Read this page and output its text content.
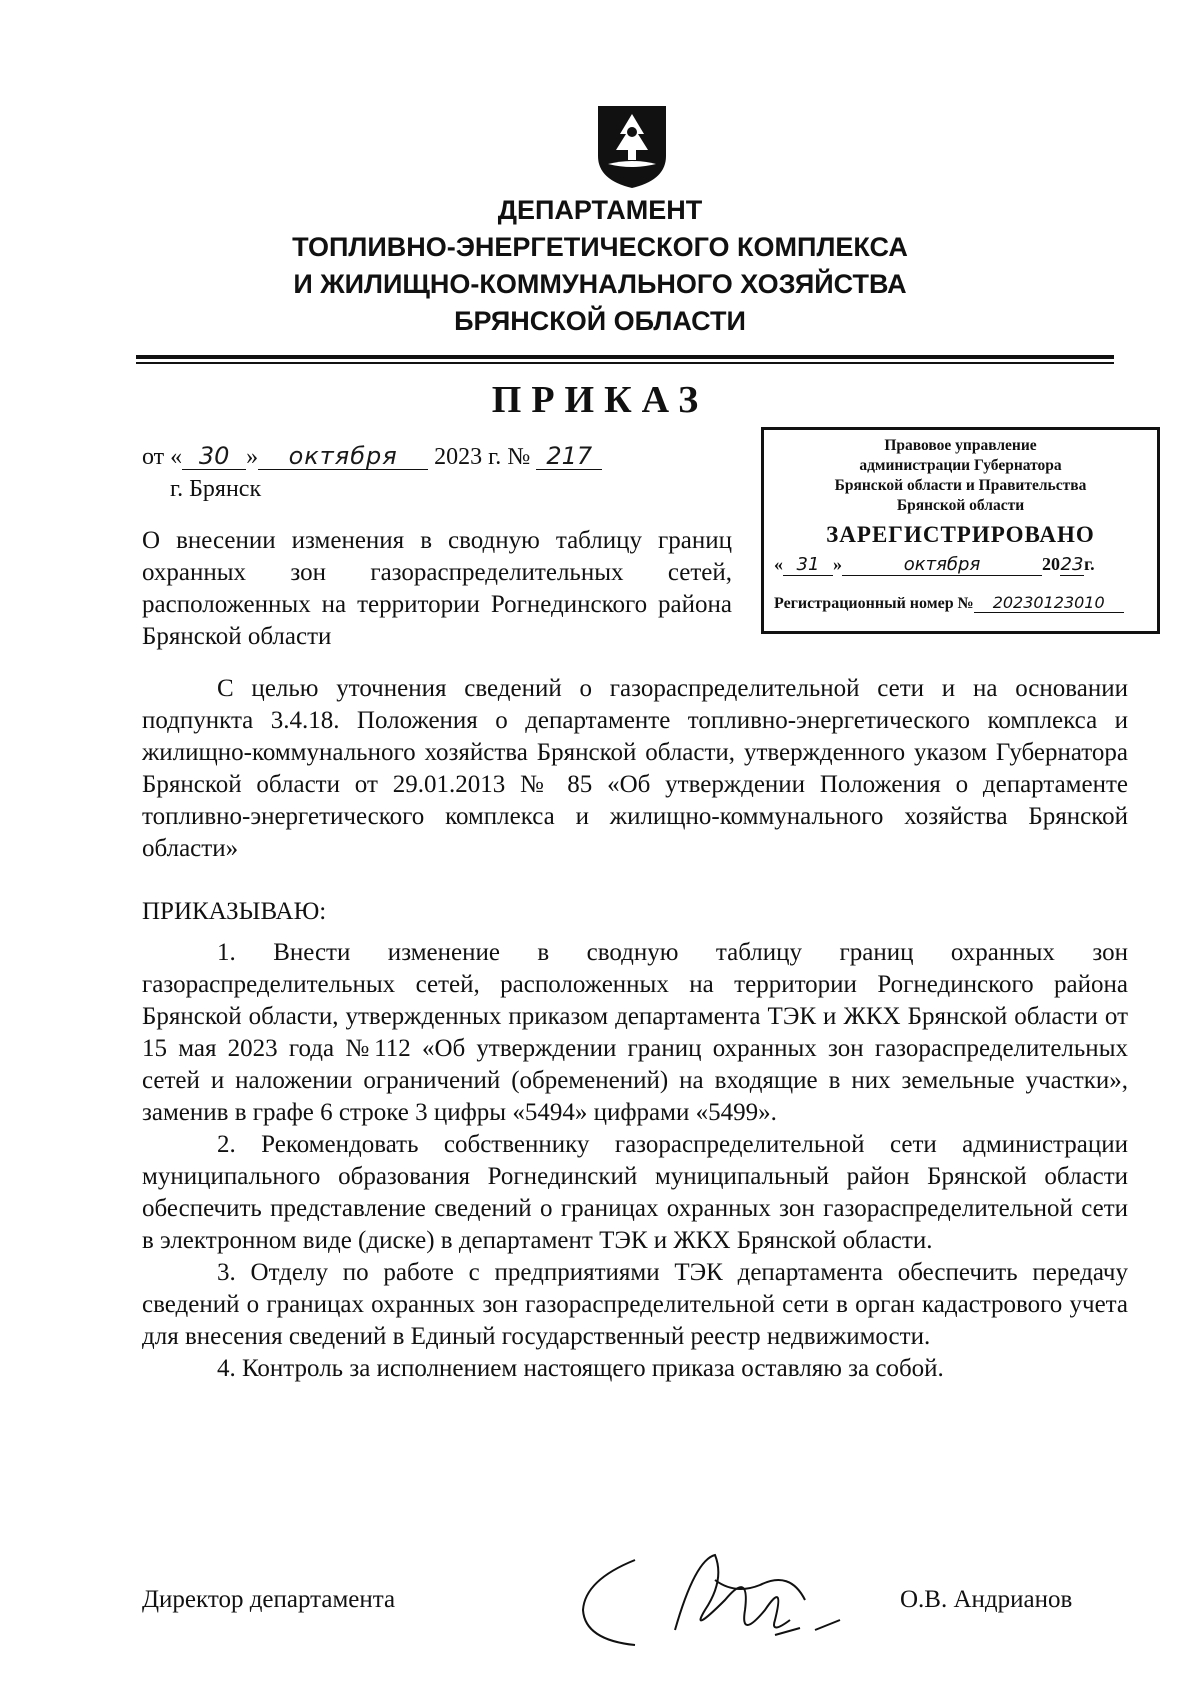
ДЕПАРТАМЕНТ
ТОПЛИВНО-ЭНЕРГЕТИЧЕСКОГО КОМПЛЕКСА
И ЖИЛИЩНО-КОММУНАЛЬНОГО ХОЗЯЙСТВА
БРЯНСКОЙ ОБЛАСТИ
ПРИКАЗ
от « 30 » октября 2023 г. № 217
г. Брянск
О внесении изменения в сводную таблицу границ охранных зон газораспределительных сетей, расположенных на территории Рогнединского района Брянской области
Правовое управление
администрации Губернатора
Брянской области и Правительства
Брянской области
ЗАРЕГИСТРИРОВАНО
« 31 »	октября	2023г.
Регистрационный номер № 20230123010

С целью уточнения сведений о газораспределительной сети и на основании подпункта 3.4.18. Положения о департаменте топливно-энергетического комплекса и жилищно-коммунального хозяйства Брянской области, утвержденного указом Губернатора Брянской области от 29.01.2013 № 85 «Об утверждении Положения о департаменте топливно-энергетического комплекса и жилищно-коммунального хозяйства Брянской области»

ПРИКАЗЫВАЮ:

1. Внести изменение в сводную таблицу границ охранных зон газораспределительных сетей, расположенных на территории Рогнединского района Брянской области, утвержденных приказом департамента ТЭК и ЖКХ Брянской области от 15 мая 2023 года №112 «Об утверждении границ охранных зон газораспределительных сетей и наложении ограничений (обременений) на входящие в них земельные участки», заменив в графе 6 строке 3 цифры «5494» цифрами «5499».

2. Рекомендовать собственнику газораспределительной сети администрации муниципального образования Рогнединский муниципальный район Брянской области обеспечить представление сведений о границах охранных зон газораспределительной сети в электронном виде (диске) в департамент ТЭК и ЖКХ Брянской области.

3. Отделу по работе с предприятиями ТЭК департамента обеспечить передачу сведений о границах охранных зон газораспределительной сети в орган кадастрового учета для внесения сведений в Единый государственный реестр недвижимости.

4. Контроль за исполнением настоящего приказа оставляю за собой.

Директор департамента	О.В. Андрианов
